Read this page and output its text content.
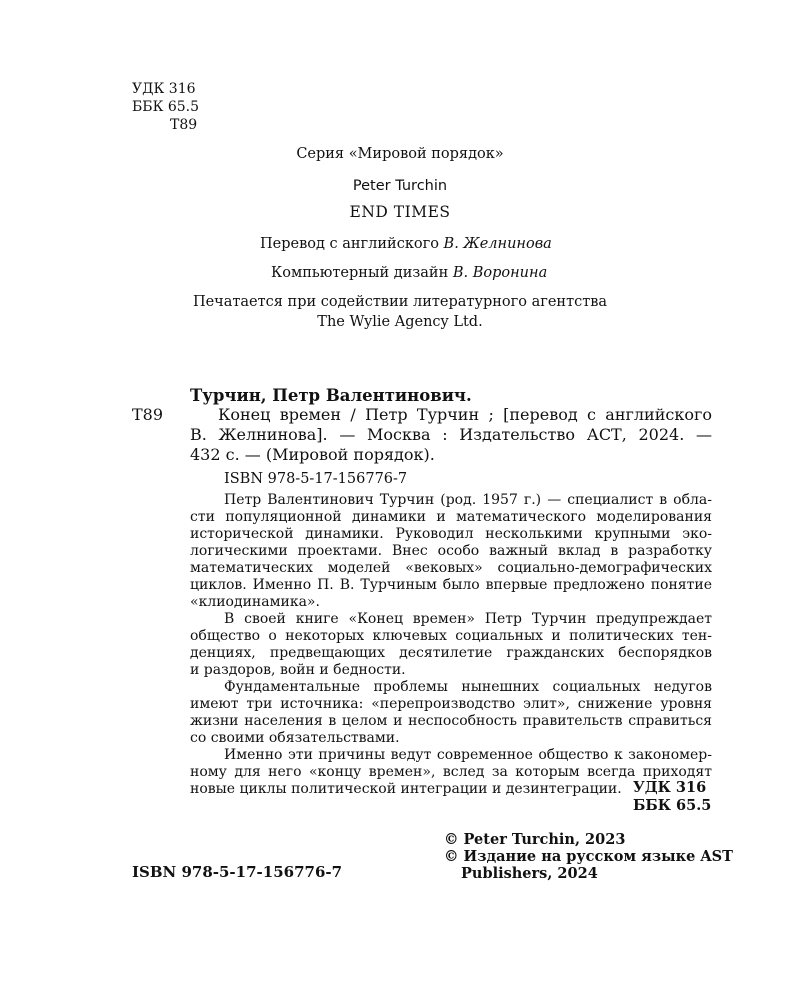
УДК 316
ББК 65.5
Т89
Серия «Мировой порядок»
Peter Turchin
END TIMES
Перевод с английского В. Желнинова
Компьютерный дизайн В. Воронина
Печатается при содействии литературного агентства
The Wylie Agency Ltd.
Турчин, Петр Валентинович.
Т89	Конец времен / Петр Турчин ; [перевод с английского
В. Желнинова]. — Москва : Издательство АСТ, 2024. —
432 с. — (Мировой порядок).
ISBN 978-5-17-156776-7
Петр Валентинович Турчин (род. 1957 г.) — специалист в обла-
сти популяционной динамики и математического моделирования
исторической динамики. Руководил несколькими крупными эко-
логическими проектами. Внес особо важный вклад в разработку
математических моделей «вековых» социально-демографических
циклов. Именно П. В. Турчиным было впервые предложено понятие
«клиодинамика».
В своей книге «Конец времен» Петр Турчин предупреждает
общество о некоторых ключевых социальных и политических тен-
денциях, предвещающих десятилетие гражданских беспорядков
и раздоров, войн и бедности.
Фундаментальные проблемы нынешних социальных недугов
имеют три источника: «перепроизводство элит», снижение уровня
жизни населения в целом и неспособность правительств справиться
со своими обязательствами.
Именно эти причины ведут современное общество к закономер-
ному для него «концу времен», вслед за которым всегда приходят
новые циклы политической интеграции и дезинтеграции. УДК 316
ББК 65.5
© Peter Turchin, 2023
© Издание на русском языке AST
Publishers, 2024
ISBN 978-5-17-156776-7
